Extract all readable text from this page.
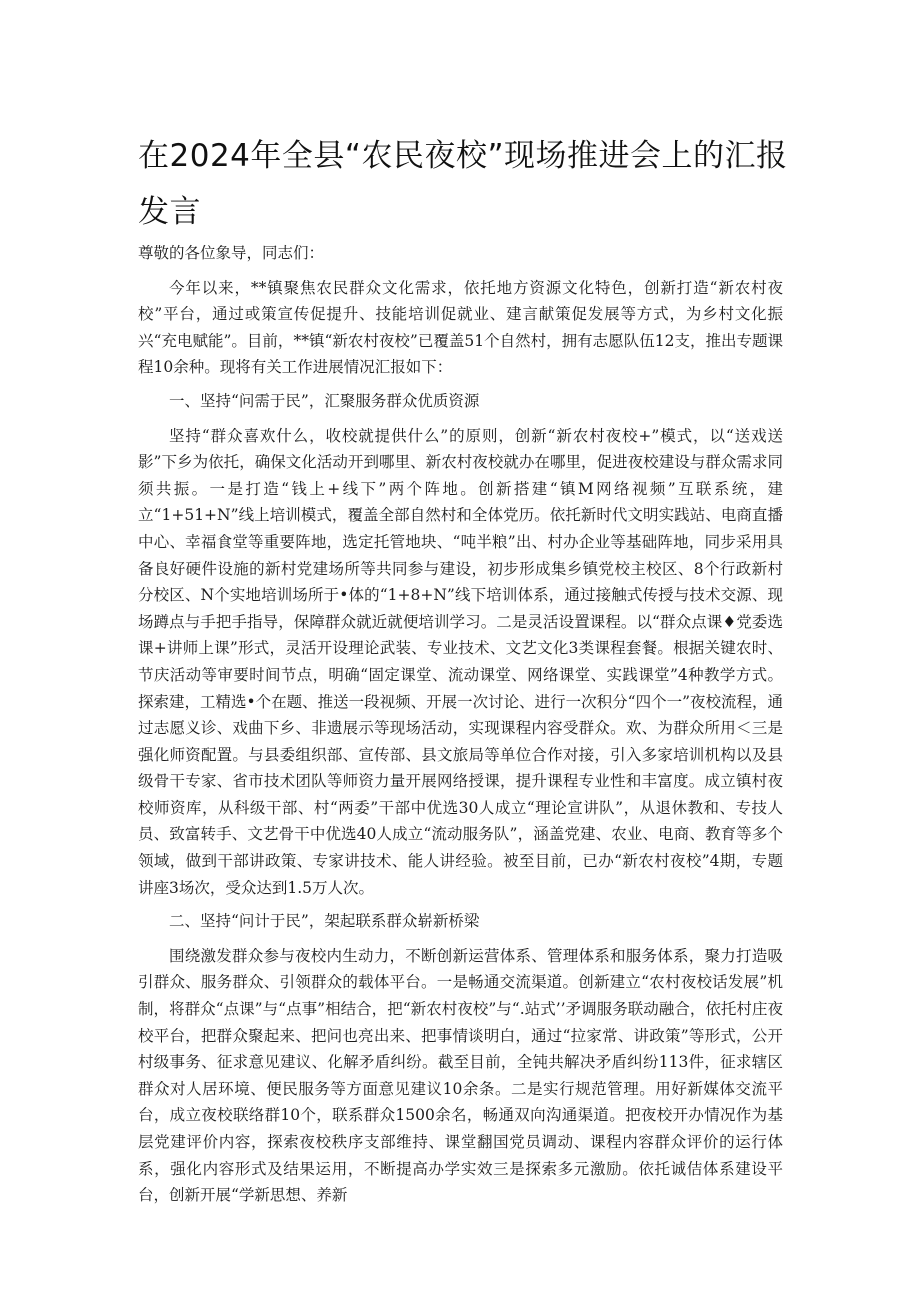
在2024年全县“农民夜校”现场推进会上的汇报发言

尊敬的各位象导，同志们：

今年以来，**镇聚焦农民群众文化需求，依托地方资源文化特色，创新打造“新农村夜校”平台，通过或策宣传促提升、技能培训促就业、建言献策促发展等方式，为乡村文化振兴“充电赋能”。目前，**镇“新农村夜校”已覆盖51个自然村，拥有志愿队伍12支，推出专题课程10余种。现将有关工作进展情况汇报如下：

一、坚持“问需于民”，汇聚服务群众优质资源

坚持“群众喜欢什么，收校就提供什么”的原则，创新“新农村夜校+”模式，以“送戏送影”下乡为依托，确保文化活动开到哪里、新农村夜校就办在哪里，促进夜校建设与群众需求同须共振。一是打造“钱上+线下”两个阵地。创新搭建“镇M网络视频”互联系统，建立“1+51+N”线上培训模式，覆盖全部自然村和全体党历。依托新时代文明实践站、电商直播中心、幸福食堂等重要阵地，选定托管地块、“吨半粮”出、村办企业等基础阵地，同步采用具备良好硬件设施的新村党建场所等共同参与建设，初步形成集乡镇党校主校区、8个行政新村分校区、N个实地培训场所于•体的“1+8+N”线下培训体系，通过接触式传授与技术交源、现场蹲点与手把手指导，保障群众就近就便培训学习。二是灵活设置课程。以“群众点课♦党委选课+讲师上课”形式，灵活开设理论武装、专业技术、文艺文化3类课程套餐。根据关键农时、节庆活动等审要时间节点，明确“固定课堂、流动课堂、网络课堂、实践课堂”4种教学方式。探索建，工精选•个在题、推送一段视频、开展一次讨论、进行一次积分“四个一”夜校流程，通过志愿义诊、戏曲下乡、非遗展示等现场活动，实现课程内容受群众。欢、为群众所用＜三是强化师资配置。与县委组织部、宣传部、县文旅局等单位合作对接，引入多家培训机构以及县级骨干专家、省市技术团队等师资力量开展网络授课，提升课程专业性和丰富度。成立镇村夜校师资库，从科级干部、村“两委”干部中优选30人成立“理论宣讲队”，从退休教和、专技人员、致富转手、文艺骨干中优选40人成立“流动服务队”，涵盖党建、农业、电商、教育等多个领域，做到干部讲政策、专家讲技术、能人讲经验。被至目前，已办“新农村夜校”4期，专题讲座3场次，受众达到1.5万人次。

二、坚持“问计于民”，架起联系群众崭新桥梁

围绕激发群众参与夜校内生动力，不断创新运营体系、管理体系和服务体系，聚力打造吸引群众、服务群众、引领群众的载体平台。一是畅通交流渠道。创新建立“农村夜校话发展”机制，将群众“点课”与“点事”相结合，把“新农村夜校”与“.站式’’矛调服务联动融合，依托村庄夜校平台，把群众聚起来、把问也亮出来、把事情谈明白，通过“拉家常、讲政策”等形式，公开村级事务、征求意见建议、化解矛盾纠纷。截至目前，全钝共解决矛盾纠纷113件，征求辖区群众对人居环境、便民服务等方面意见建议10余条。二是实行规范管理。用好新媒体交流平台，成立夜校联络群10个，联系群众1500余名，畅通双向沟通渠道。把夜校开办情况作为基层党建评价内容，探索夜校秩序支部维持、课堂翻国党员调动、课程内容群众评价的运行体系，强化内容形式及结果运用，不断提高办学实效三是探索多元激励。依托诚佶体系建设平台，创新开展“学新思想、养新
